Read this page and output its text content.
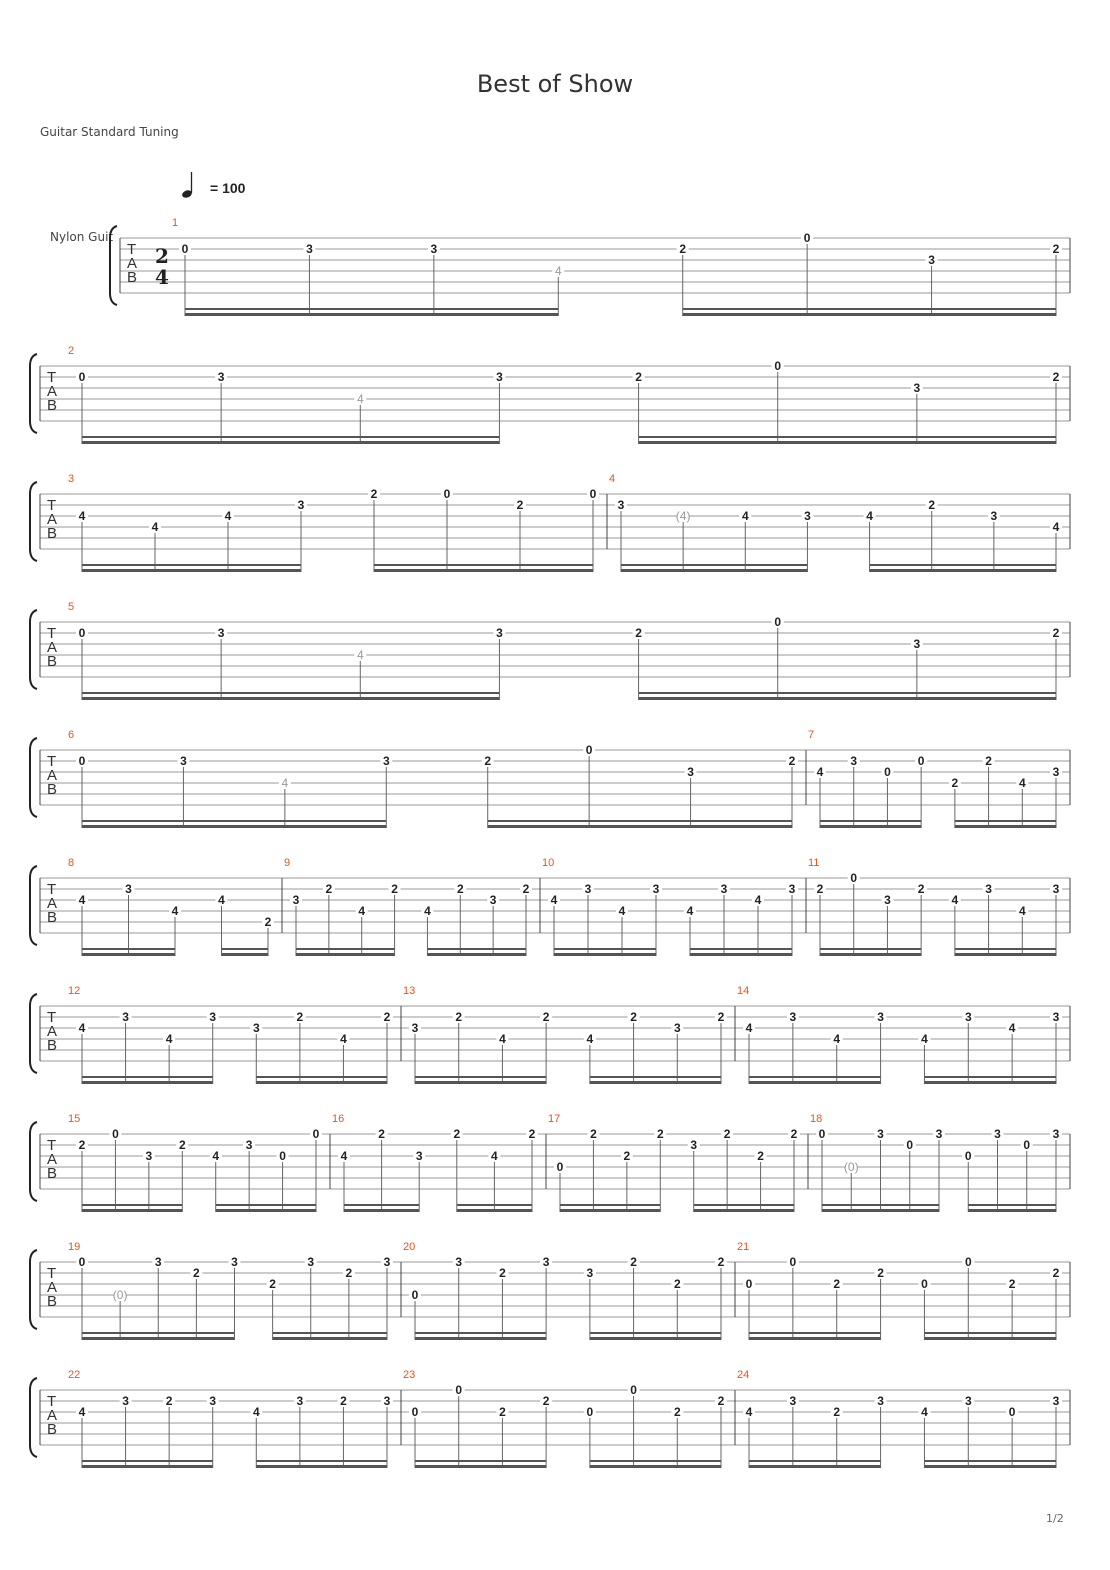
Best of Show
Guitar Standard Tuning
Nylon Guit
= 100
1/2
T
A
B
2
4
1
0	3	3
4
2
0
3
2
T
A
B
2
0	3
4
3	2
0
3
2
T
A
B
3
4
4
4
3
2	0
2
0
4
3
(4)	4	3	4
2
3
4
T
A
B
5
0	3
4
3	2
0
3
2
T
A
B
6
0	3
4
3	2
0
3
2
7
4
3
0
0
2
2
4
3
T
A
B
8
4
3
4
4
2
9
3
2
4
2
4
2
3
2
10
4
3
4
3
4
3
4
3
11
2
0
3
2
4
3
4
3
T
A
B
12
4
3
4
3
3
2
4
2
13
3
2
4
2
4
2
3
2
14
4
3
4
3
4
3
4
3
T
A
B
15
2
0
3
2
4
3
0
0
16
4
2
3
2
4
2
17
0
2
2
2
3
2
2
2
18
0
(0)
3
0
3
0
3
0
3
T
A
B
19
0
(0)
3
2
3
2
3
2
3
20
0
3
2
3
3
2
2
2
21
0
0
2
2
0
0
2
2
T
A
B
22
4
3	2	3
4
3	2	3
23
0
0
2
2
0
0
2
2
24
4
3
2
3
4
3
0
3
